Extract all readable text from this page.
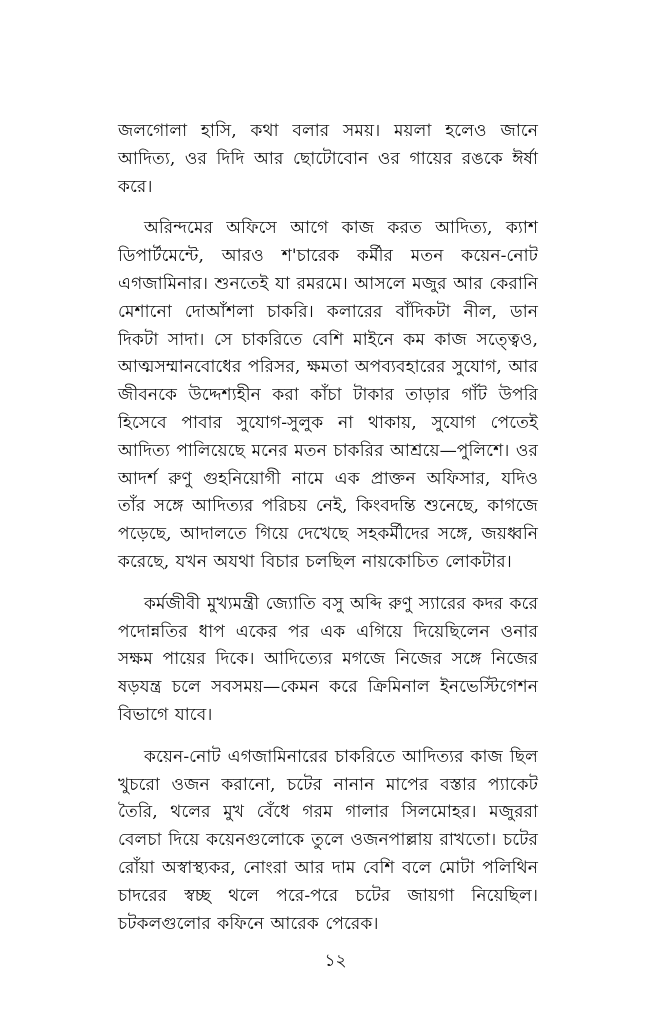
জলগোলা হাসি, কথা বলার সময়। ময়লা হলেও জানে আদিত্য, ওর দিদি আর ছোটোবোন ওর গায়ের রঙকে ঈর্ষা করে।

অরিন্দমের অফিসে আগে কাজ করত আদিত্য, ক্যাশ ডিপার্টমেন্টে, আরও শ'চারেক কর্মীর মতন কয়েন-নোট এগজামিনার। শুনতেই যা রমরমে। আসলে মজুর আর কেরানি মেশানো দোআঁশলা চাকরি। কলারের বাঁদিকটা নীল, ডান দিকটা সাদা। সে চাকরিতে বেশি মাইনে কম কাজ সত্ত্বেও, আত্মসম্মানবোধের পরিসর, ক্ষমতা অপব্যবহারের সুযোগ, আর জীবনকে উদ্দেশ্যহীন করা কাঁচা টাকার তাড়ার গাঁট উপরি হিসেবে পাবার সুযোগ-সুলুক না থাকায়, সুযোগ পেতেই আদিত্য পালিয়েছে মনের মতন চাকরির আশ্রয়ে—পুলিশে। ওর আদর্শ রুণু গুহনিয়োগী নামে এক প্রাক্তন অফিসার, যদিও তাঁর সঙ্গে আদিত্যর পরিচয় নেই, কিংবদন্তি শুনেছে, কাগজে পড়েছে, আদালতে গিয়ে দেখেছে সহকর্মীদের সঙ্গে, জয়ধ্বনি করেছে, যখন অযথা বিচার চলছিল নায়কোচিত লোকটার।

কর্মজীবী মুখ্যমন্ত্রী জ্যোতি বসু অব্দি রুণু স্যারের কদর করে পদোন্নতির ধাপ একের পর এক এগিয়ে দিয়েছিলেন ওনার সক্ষম পায়ের দিকে। আদিত্যের মগজে নিজের সঙ্গে নিজের ষড়যন্ত্র চলে সবসময়—কেমন করে ক্রিমিনাল ইনভেস্টিগেশন বিভাগে যাবে।

কয়েন-নোট এগজামিনারের চাকরিতে আদিত্যর কাজ ছিল খুচরো ওজন করানো, চটের নানান মাপের বস্তার প্যাকেট তৈরি, থলের মুখ বেঁধে গরম গালার সিলমোহর। মজুররা বেলচা দিয়ে কয়েনগুলোকে তুলে ওজনপাল্লায় রাখতো। চটের রোঁয়া অস্বাস্থ্যকর, নোংরা আর দাম বেশি বলে মোটা পলিথিন চাদরের স্বচ্ছ থলে পরে-পরে চটের জায়গা নিয়েছিল। চটকলগুলোর কফিনে আরেক পেরেক।

১২
